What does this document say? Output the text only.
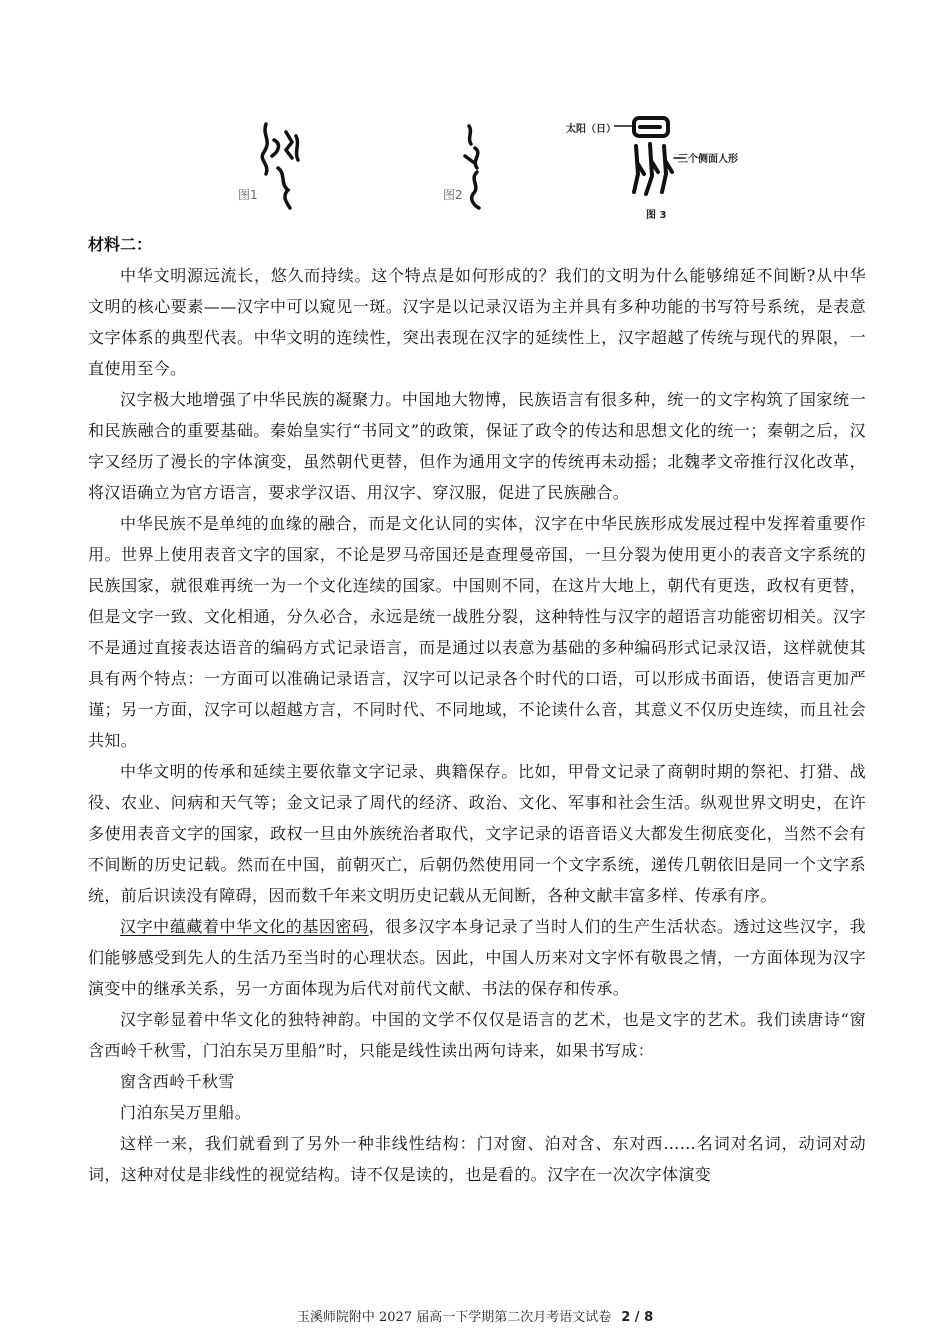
图1	图2
太阳（日）
三个侧面人形
图 3
材料二：

中华文明源远流长，悠久而持续。这个特点是如何形成的？我们的文明为什么能够绵延不间断?从中华文明的核心要素——汉字中可以窥见一斑。汉字是以记录汉语为主并具有多种功能的书写符号系统，是表意文字体系的典型代表。中华文明的连续性，突出表现在汉字的延续性上，汉字超越了传统与现代的界限，一直使用至今。

汉字极大地增强了中华民族的凝聚力。中国地大物博，民族语言有很多种，统一的文字构筑了国家统一和民族融合的重要基础。秦始皇实行“书同文”的政策，保证了政令的传达和思想文化的统一；秦朝之后，汉字又经历了漫长的字体演变，虽然朝代更替，但作为通用文字的传统再未动摇；北魏孝文帝推行汉化改革，将汉语确立为官方语言，要求学汉语、用汉字、穿汉服，促进了民族融合。

中华民族不是单纯的血缘的融合，而是文化认同的实体，汉字在中华民族形成发展过程中发挥着重要作用。世界上使用表音文字的国家，不论是罗马帝国还是查理曼帝国，一旦分裂为使用更小的表音文字系统的民族国家，就很难再统一为一个文化连续的国家。中国则不同，在这片大地上，朝代有更迭，政权有更替，但是文字一致、文化相通，分久必合，永远是统一战胜分裂，这种特性与汉字的超语言功能密切相关。汉字不是通过直接表达语音的编码方式记录语言，而是通过以表意为基础的多种编码形式记录汉语，这样就使其具有两个特点：一方面可以准确记录语言，汉字可以记录各个时代的口语，可以形成书面语，使语言更加严谨；另一方面，汉字可以超越方言，不同时代、不同地域，不论读什么音，其意义不仅历史连续，而且社会共知。

中华文明的传承和延续主要依靠文字记录、典籍保存。比如，甲骨文记录了商朝时期的祭祀、打猎、战役、农业、问病和天气等；金文记录了周代的经济、政治、文化、军事和社会生活。纵观世界文明史，在许多使用表音文字的国家，政权一旦由外族统治者取代，文字记录的语音语义大都发生彻底变化，当然不会有不间断的历史记载。然而在中国，前朝灭亡，后朝仍然使用同一个文字系统，递传几朝依旧是同一个文字系统，前后识读没有障碍，因而数千年来文明历史记载从无间断，各种文献丰富多样、传承有序。

汉字中蕴藏着中华文化的基因密码，很多汉字本身记录了当时人们的生产生活状态。透过这些汉字，我们能够感受到先人的生活乃至当时的心理状态。因此，中国人历来对文字怀有敬畏之情，一方面体现为汉字演变中的继承关系，另一方面体现为后代对前代文献、书法的保存和传承。

汉字彰显着中华文化的独特神韵。中国的文学不仅仅是语言的艺术，也是文字的艺术。我们读唐诗“窗含西岭千秋雪，门泊东吴万里船”时，只能是线性读出两句诗来，如果书写成：

窗含西岭千秋雪

门泊东吴万里船。

这样一来，我们就看到了另外一种非线性结构：门对窗、泊对含、东对西……名词对名词，动词对动词，这种对仗是非线性的视觉结构。诗不仅是读的，也是看的。汉字在一次次字体演变

玉溪师院附中 2027 届高一下学期第二次月考语文试卷 2 / 8
